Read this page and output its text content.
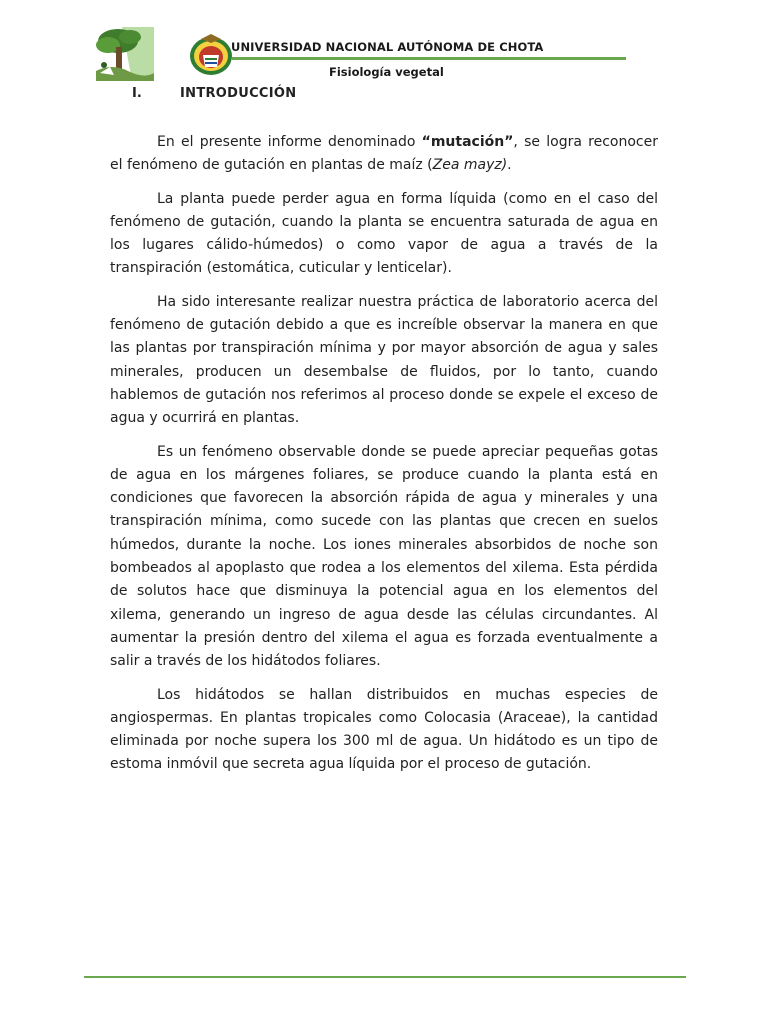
UNIVERSIDAD NACIONAL AUTÓNOMA DE CHOTA
Fisiología vegetal
I.	INTRODUCCIÓN

En el presente informe denominado “mutación”, se logra reconocer el fenómeno de gutación en plantas de maíz (Zea mayz).

La planta puede perder agua en forma líquida (como en el caso del fenómeno de gutación, cuando la planta se encuentra saturada de agua en los lugares cálido-húmedos) o como vapor de agua a través de la transpiración (estomática, cuticular y lenticelar).

Ha sido interesante realizar nuestra práctica de laboratorio acerca del fenómeno de gutación debido a que es increíble observar la manera en que las plantas por transpiración mínima y por mayor absorción de agua y sales minerales, producen un desembalse de fluidos, por lo tanto, cuando hablemos de gutación nos referimos al proceso donde se expele el exceso de agua y ocurrirá en plantas.

Es un fenómeno observable donde se puede apreciar pequeñas gotas de agua en los márgenes foliares, se produce cuando la planta está en condiciones que favorecen la absorción rápida de agua y minerales y una transpiración mínima, como sucede con las plantas que crecen en suelos húmedos, durante la noche. Los iones minerales absorbidos de noche son bombeados al apoplasto que rodea a los elementos del xilema. Esta pérdida de solutos hace que disminuya la potencial agua en los elementos del xilema, generando un ingreso de agua desde las células circundantes. Al aumentar la presión dentro del xilema el agua es forzada eventualmente a salir a través de los hidátodos foliares.

Los hidátodos se hallan distribuidos en muchas especies de angiospermas. En plantas tropicales como Colocasia (Araceae), la cantidad eliminada por noche supera los 300 ml de agua. Un hidátodo es un tipo de estoma inmóvil que secreta agua líquida por el proceso de gutación.
